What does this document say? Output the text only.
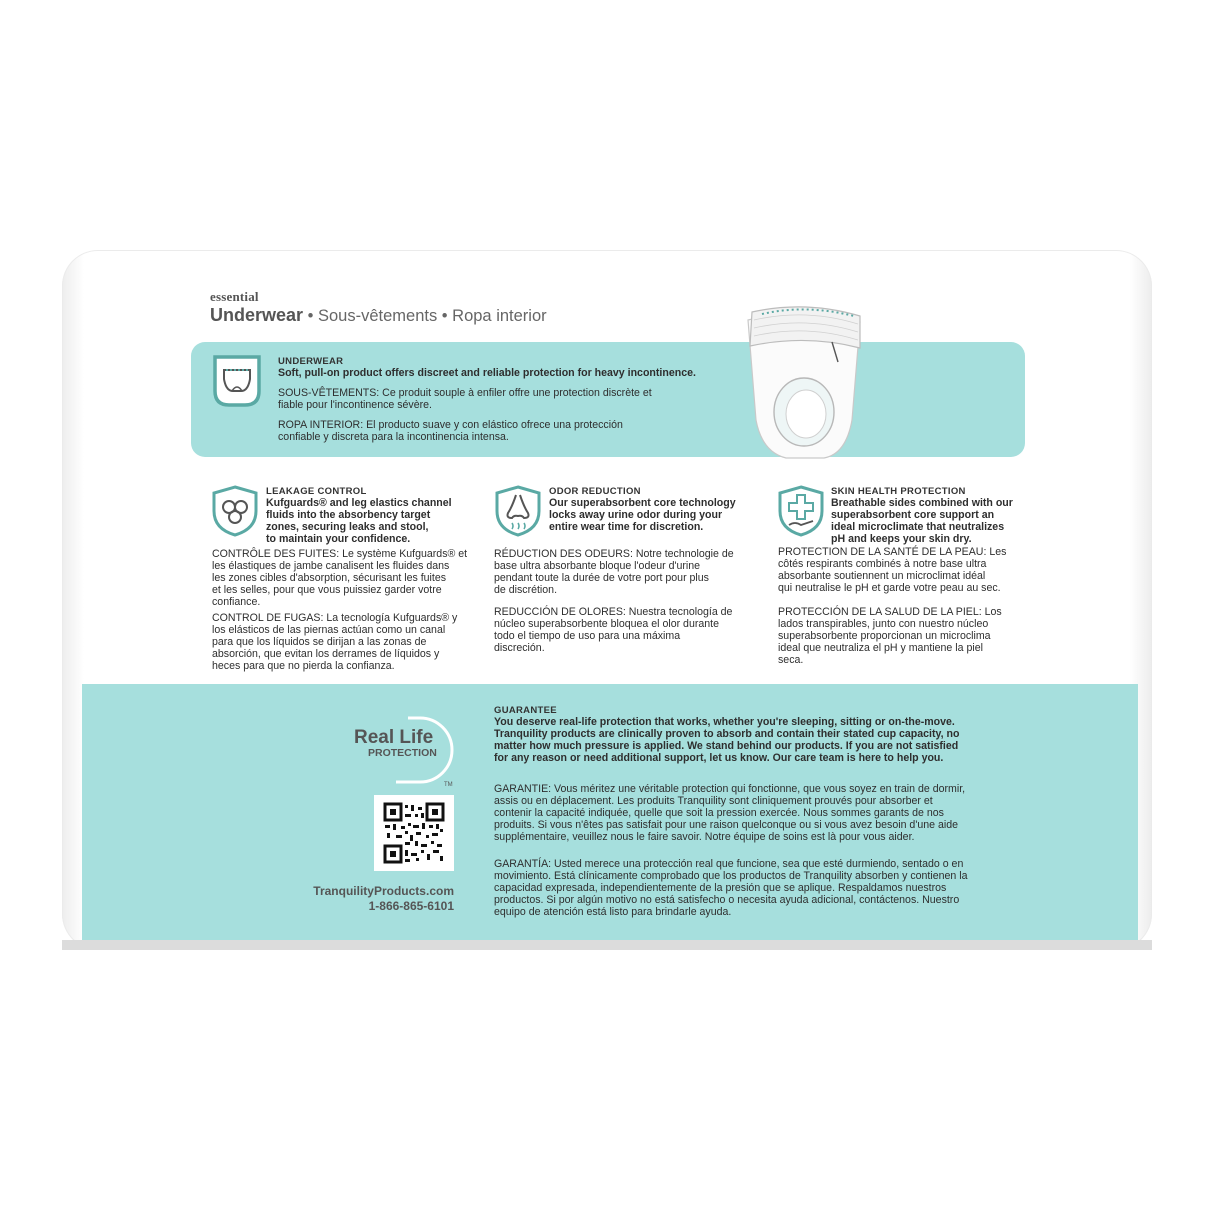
essential
Underwear • Sous-vêtements • Ropa interior
UNDERWEAR
Soft, pull-on product offers discreet and reliable protection for heavy incontinence.
SOUS-VÊTEMENTS: Ce produit souple à enfiler offre une protection discrète et
fiable pour l'incontinence sévère.
ROPA INTERIOR: El producto suave y con elástico ofrece una protección
confiable y discreta para la incontinencia intensa.
LEAKAGE CONTROL
Kufguards® and leg elastics channel
fluids into the absorbency target
zones, securing leaks and stool,
to maintain your confidence.
CONTRÔLE DES FUITES: Le système Kufguards® et
les élastiques de jambe canalisent les fluides dans
les zones cibles d'absorption, sécurisant les fuites
et les selles, pour que vous puissiez garder votre
confiance.
CONTROL DE FUGAS: La tecnología Kufguards® y
los elásticos de las piernas actúan como un canal
para que los líquidos se dirijan a las zonas de
absorción, que evitan los derrames de líquidos y
heces para que no pierda la confianza.
ODOR REDUCTION
Our superabsorbent core technology
locks away urine odor during your
entire wear time for discretion.
RÉDUCTION DES ODEURS: Notre technologie de
base ultra absorbante bloque l'odeur d'urine
pendant toute la durée de votre port pour plus
de discrétion.
REDUCCIÓN DE OLORES: Nuestra tecnología de
núcleo superabsorbente bloquea el olor durante
todo el tiempo de uso para una máxima
discreción.
SKIN HEALTH PROTECTION
Breathable sides combined with our
superabsorbent core support an
ideal microclimate that neutralizes
pH and keeps your skin dry.
PROTECTION DE LA SANTÉ DE LA PEAU: Les
côtés respirants combinés à notre base ultra
absorbante soutiennent un microclimat idéal
qui neutralise le pH et garde votre peau au sec.
PROTECCIÓN DE LA SALUD DE LA PIEL: Los
lados transpirables, junto con nuestro núcleo
superabsorbente proporcionan un microclima
ideal que neutraliza el pH y mantiene la piel
seca.
Real Life
PROTECTION
TM
TranquilityProducts.com
1-866-865-6101
GUARANTEE
You deserve real-life protection that works, whether you're sleeping, sitting or on-the-move.
Tranquility products are clinically proven to absorb and contain their stated cup capacity, no
matter how much pressure is applied. We stand behind our products. If you are not satisfied
for any reason or need additional support, let us know. Our care team is here to help you.
GARANTIE: Vous méritez une véritable protection qui fonctionne, que vous soyez en train de dormir,
assis ou en déplacement. Les produits Tranquility sont cliniquement prouvés pour absorber et
contenir la capacité indiquée, quelle que soit la pression exercée. Nous sommes garants de nos
produits. Si vous n'êtes pas satisfait pour une raison quelconque ou si vous avez besoin d'une aide
supplémentaire, veuillez nous le faire savoir. Notre équipe de soins est là pour vous aider.
GARANTÍA: Usted merece una protección real que funcione, sea que esté durmiendo, sentado o en
movimiento. Está clínicamente comprobado que los productos de Tranquility absorben y contienen la
capacidad expresada, independientemente de la presión que se aplique. Respaldamos nuestros
productos. Si por algún motivo no está satisfecho o necesita ayuda adicional, contáctenos. Nuestro
equipo de atención está listo para brindarle ayuda.
